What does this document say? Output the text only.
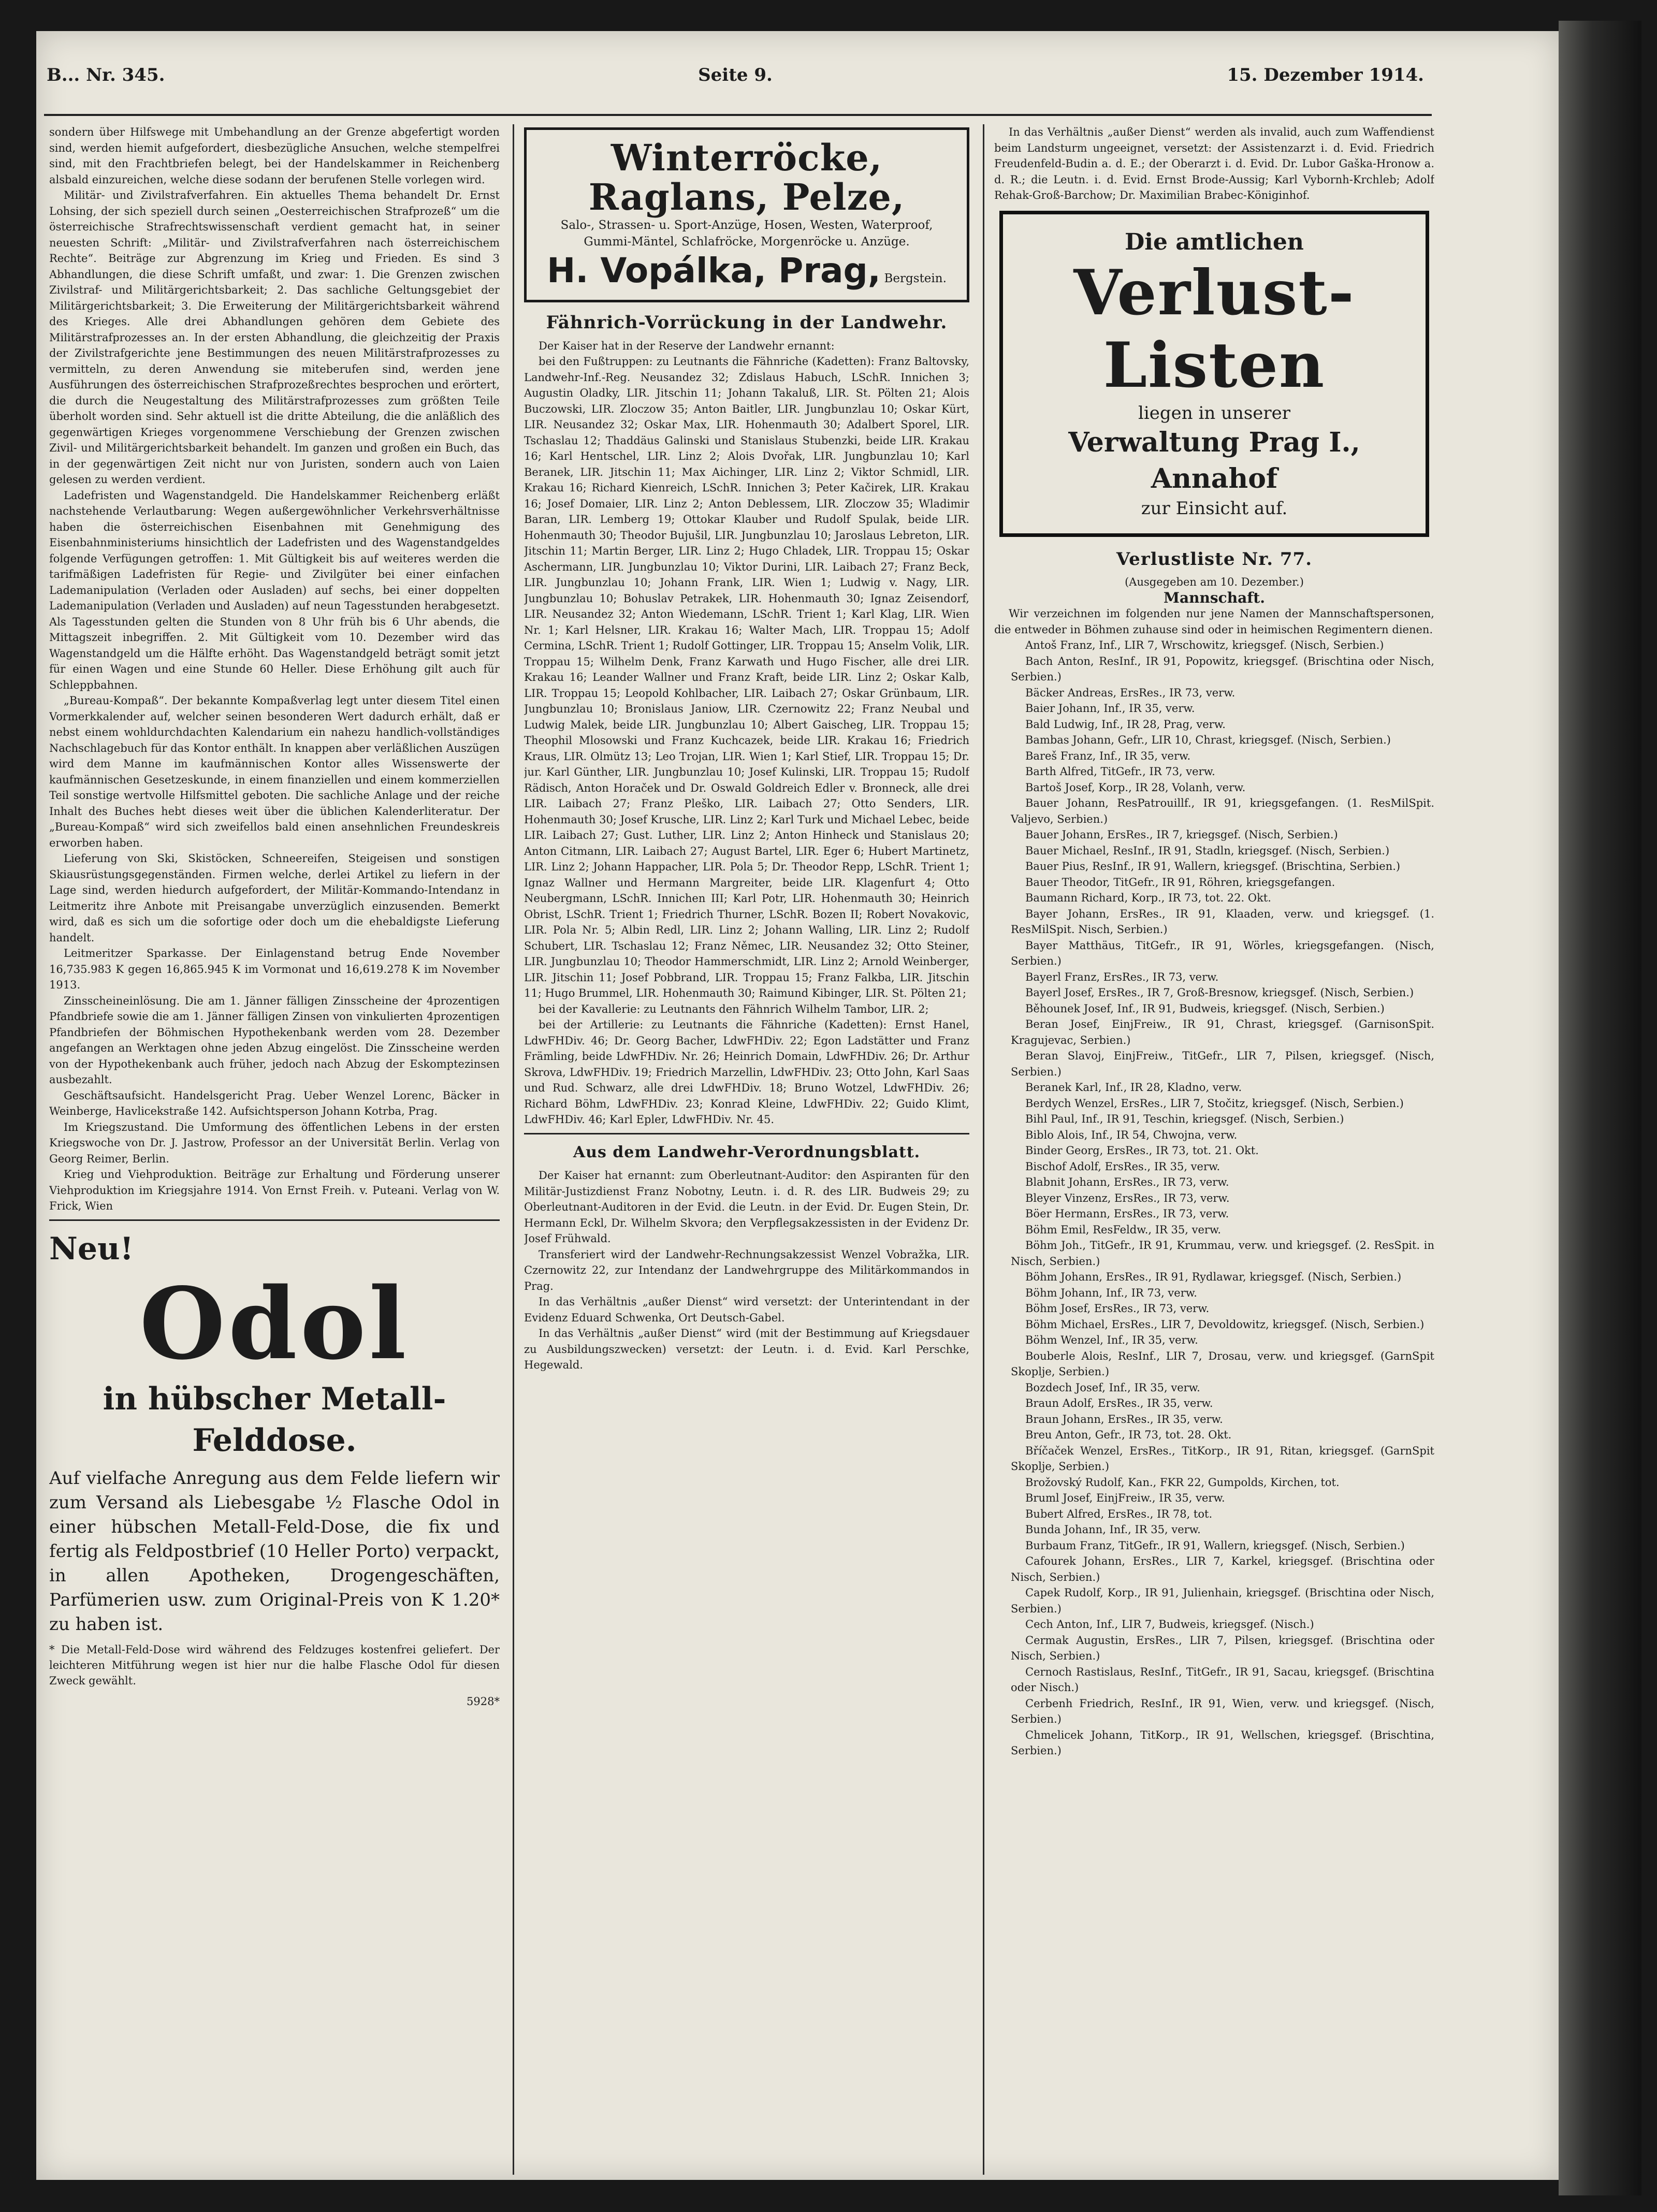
B... Nr. 345.	Seite 9.	15. Dezember 1914.

sondern über Hilfswege mit Umbehandlung an der Grenze abgefertigt worden sind, werden hiemit aufgefordert, diesbezügliche Ansuchen, welche stempelfrei sind, mit den Frachtbriefen belegt, bei der Handelskammer in Reichenberg alsbald einzureichen, welche diese sodann der berufenen Stelle vorlegen wird.

Militär- und Zivilstrafverfahren. Ein aktuelles Thema behandelt Dr. Ernst Lohsing, der sich speziell durch seinen „Oesterreichischen Strafprozeß“ um die österreichische Strafrechtswissenschaft verdient gemacht hat, in seiner neuesten Schrift: „Militär- und Zivilstrafverfahren nach österreichischem Rechte“. Beiträge zur Abgrenzung im Krieg und Frieden. Es sind 3 Abhandlungen, die diese Schrift umfaßt, und zwar: 1. Die Grenzen zwischen Zivilstraf- und Militärgerichtsbarkeit; 2. Das sachliche Geltungsgebiet der Militärgerichtsbarkeit; 3. Die Erweiterung der Militärgerichtsbarkeit während des Krieges. Alle drei Abhandlungen gehören dem Gebiete des Militärstrafprozesses an. In der ersten Abhandlung, die gleichzeitig der Praxis der Zivilstrafgerichte jene Bestimmungen des neuen Militärstrafprozesses zu vermitteln, zu deren Anwendung sie miteberufen sind, werden jene Ausführungen des österreichischen Strafprozeßrechtes besprochen und erörtert, die durch die Neugestaltung des Militärstrafprozesses zum größten Teile überholt worden sind. Sehr aktuell ist die dritte Abteilung, die die anläßlich des gegenwärtigen Krieges vorgenommene Verschiebung der Grenzen zwischen Zivil- und Militärgerichtsbarkeit behandelt. Im ganzen und großen ein Buch, das in der gegenwärtigen Zeit nicht nur von Juristen, sondern auch von Laien gelesen zu werden verdient.

Ladefristen und Wagenstandgeld. Die Handelskammer Reichenberg erläßt nachstehende Verlautbarung: Wegen außergewöhnlicher Verkehrsverhältnisse haben die österreichischen Eisenbahnen mit Genehmigung des Eisenbahnministeriums hinsichtlich der Ladefristen und des Wagenstandgeldes folgende Verfügungen getroffen: 1. Mit Gültigkeit bis auf weiteres werden die tarifmäßigen Ladefristen für Regie- und Zivilgüter bei einer einfachen Lademanipulation (Verladen oder Ausladen) auf sechs, bei einer doppelten Lademanipulation (Verladen und Ausladen) auf neun Tagesstunden herabgesetzt. Als Tagesstunden gelten die Stunden von 8 Uhr früh bis 6 Uhr abends, die Mittagszeit inbegriffen. 2. Mit Gültigkeit vom 10. Dezember wird das Wagenstandgeld um die Hälfte erhöht. Das Wagenstandgeld beträgt somit jetzt für einen Wagen und eine Stunde 60 Heller. Diese Erhöhung gilt auch für Schleppbahnen.

„Bureau-Kompaß“. Der bekannte Kompaßverlag legt unter diesem Titel einen Vormerkkalender auf, welcher seinen besonderen Wert dadurch erhält, daß er nebst einem wohldurchdachten Kalendarium ein nahezu handlich-vollständiges Nachschlagebuch für das Kontor enthält. In knappen aber verläßlichen Auszügen wird dem Manne im kaufmännischen Kontor alles Wissenswerte der kaufmännischen Gesetzeskunde, in einem finanziellen und einem kommerziellen Teil sonstige wertvolle Hilfsmittel geboten. Die sachliche Anlage und der reiche Inhalt des Buches hebt dieses weit über die üblichen Kalenderliteratur. Der „Bureau-Kompaß“ wird sich zweifellos bald einen ansehnlichen Freundeskreis erworben haben.

Lieferung von Ski, Skistöcken, Schneereifen, Steigeisen und sonstigen Skiausrüstungsgegenständen. Firmen welche, derlei Artikel zu liefern in der Lage sind, werden hiedurch aufgefordert, der Militär-Kommando-Intendanz in Leitmeritz ihre Anbote mit Preisangabe unverzüglich einzusenden. Bemerkt wird, daß es sich um die sofortige oder doch um die ehebaldigste Lieferung handelt.

Leitmeritzer Sparkasse. Der Einlagenstand betrug Ende November 16,735.983 K gegen 16,865.945 K im Vormonat und 16,619.278 K im November 1913.

Zinsscheineinlösung. Die am 1. Jänner fälligen Zinsscheine der 4prozentigen Pfandbriefe sowie die am 1. Jänner fälligen Zinsen von vinkulierten 4prozentigen Pfandbriefen der Böhmischen Hypothekenbank werden vom 28. Dezember angefangen an Werktagen ohne jeden Abzug eingelöst. Die Zinsscheine werden von der Hypothekenbank auch früher, jedoch nach Abzug der Eskomptezinsen ausbezahlt.

Geschäftsaufsicht. Handelsgericht Prag. Ueber Wenzel Lorenc, Bäcker in Weinberge, Havlicekstraße 142. Aufsichtsperson Johann Kotrba, Prag.

Im Kriegszustand. Die Umformung des öffentlichen Lebens in der ersten Kriegswoche von Dr. J. Jastrow, Professor an der Universität Berlin. Verlag von Georg Reimer, Berlin.

Krieg und Viehproduktion. Beiträge zur Erhaltung und Förderung unserer Viehproduktion im Kriegsjahre 1914. Von Ernst Freih. v. Puteani. Verlag von W. Frick, Wien

Neu!
Odol
in hübscher Metall-Felddose.
Auf vielfache Anregung aus dem Felde liefern wir zum Versand als Liebesgabe ½ Flasche Odol in einer hübschen Metall-Feld-Dose, die fix und fertig als Feldpostbrief (10 Heller Porto) verpackt, in allen Apotheken, Drogengeschäften, Parfümerien usw. zum Original-Preis von K 1.20* zu haben ist.
* Die Metall-Feld-Dose wird während des Feldzuges kostenfrei geliefert. Der leichteren Mitführung wegen ist hier nur die halbe Flasche Odol für diesen Zweck gewählt.
5928*
Winterröcke, Raglans, Pelze,
Salo-, Strassen- u. Sport-Anzüge, Hosen, Westen, Waterproof, Gummi-Mäntel, Schlafröcke, Morgenröcke u. Anzüge.
H. Vopálka, Prag, Bergstein.
Fähnrich-Vorrückung in der Landwehr.

Der Kaiser hat in der Reserve der Landwehr ernannt:

bei den Fußtruppen: zu Leutnants die Fähnriche (Kadetten): Franz Baltovsky, Landwehr-Inf.-Reg. Neusandez 32; Zdislaus Habuch, LSchR. Innichen 3; Augustin Oladky, LIR. Jitschin 11; Johann Takaluß, LIR. St. Pölten 21; Alois Buczowski, LIR. Zloczow 35; Anton Baitler, LIR. Jungbunzlau 10; Oskar Kürt, LIR. Neusandez 32; Oskar Max, LIR. Hohenmauth 30; Adalbert Sporel, LIR. Tschaslau 12; Thaddäus Galinski und Stanislaus Stubenzki, beide LIR. Krakau 16; Karl Hentschel, LIR. Linz 2; Alois Dvořak, LIR. Jungbunzlau 10; Karl Beranek, LIR. Jitschin 11; Max Aichinger, LIR. Linz 2; Viktor Schmidl, LIR. Krakau 16; Richard Kienreich, LSchR. Innichen 3; Peter Kačirek, LIR. Krakau 16; Josef Domaier, LIR. Linz 2; Anton Deblessem, LIR. Zloczow 35; Wladimir Baran, LIR. Lemberg 19; Ottokar Klauber und Rudolf Spulak, beide LIR. Hohenmauth 30; Theodor Bujušil, LIR. Jungbunzlau 10; Jaroslaus Lebreton, LIR. Jitschin 11; Martin Berger, LIR. Linz 2; Hugo Chladek, LIR. Troppau 15; Oskar Aschermann, LIR. Jungbunzlau 10; Viktor Durini, LIR. Laibach 27; Franz Beck, LIR. Jungbunzlau 10; Johann Frank, LIR. Wien 1; Ludwig v. Nagy, LIR. Jungbunzlau 10; Bohuslav Petrakek, LIR. Hohenmauth 30; Ignaz Zeisendorf, LIR. Neusandez 32; Anton Wiedemann, LSchR. Trient 1; Karl Klag, LIR. Wien Nr. 1; Karl Helsner, LIR. Krakau 16; Walter Mach, LIR. Troppau 15; Adolf Cermina, LSchR. Trient 1; Rudolf Gottinger, LIR. Troppau 15; Anselm Volik, LIR. Troppau 15; Wilhelm Denk, Franz Karwath und Hugo Fischer, alle drei LIR. Krakau 16; Leander Wallner und Franz Kraft, beide LIR. Linz 2; Oskar Kalb, LIR. Troppau 15; Leopold Kohlbacher, LIR. Laibach 27; Oskar Grünbaum, LIR. Jungbunzlau 10; Bronislaus Janiow, LIR. Czernowitz 22; Franz Neubal und Ludwig Malek, beide LIR. Jungbunzlau 10; Albert Gaischeg, LIR. Troppau 15; Theophil Mlosowski und Franz Kuchcazek, beide LIR. Krakau 16; Friedrich Kraus, LIR. Olmütz 13; Leo Trojan, LIR. Wien 1; Karl Stief, LIR. Troppau 15; Dr. jur. Karl Günther, LIR. Jungbunzlau 10; Josef Kulinski, LIR. Troppau 15; Rudolf Rädisch, Anton Horaček und Dr. Oswald Goldreich Edler v. Bronneck, alle drei LIR. Laibach 27; Franz Pleško, LIR. Laibach 27; Otto Senders, LIR. Hohenmauth 30; Josef Krusche, LIR. Linz 2; Karl Turk und Michael Lebec, beide LIR. Laibach 27; Gust. Luther, LIR. Linz 2; Anton Hinheck und Stanislaus 20; Anton Citmann, LIR. Laibach 27; August Bartel, LIR. Eger 6; Hubert Martinetz, LIR. Linz 2; Johann Happacher, LIR. Pola 5; Dr. Theodor Repp, LSchR. Trient 1; Ignaz Wallner und Hermann Margreiter, beide LIR. Klagenfurt 4; Otto Neubergmann, LSchR. Innichen III; Karl Potr, LIR. Hohenmauth 30; Heinrich Obrist, LSchR. Trient 1; Friedrich Thurner, LSchR. Bozen II; Robert Novakovic, LIR. Pola Nr. 5; Albin Redl, LIR. Linz 2; Johann Walling, LIR. Linz 2; Rudolf Schubert, LIR. Tschaslau 12; Franz Němec, LIR. Neusandez 32; Otto Steiner, LIR. Jungbunzlau 10; Theodor Hammerschmidt, LIR. Linz 2; Arnold Weinberger, LIR. Jitschin 11; Josef Pobbrand, LIR. Troppau 15; Franz Falkba, LIR. Jitschin 11; Hugo Brummel, LIR. Hohenmauth 30; Raimund Kibinger, LIR. St. Pölten 21;

bei der Kavallerie: zu Leutnants den Fähnrich Wilhelm Tambor, LIR. 2;

bei der Artillerie: zu Leutnants die Fähnriche (Kadetten): Ernst Hanel, LdwFHDiv. 46; Dr. Georg Bacher, LdwFHDiv. 22; Egon Ladstätter und Franz Främling, beide LdwFHDiv. Nr. 26; Heinrich Domain, LdwFHDiv. 26; Dr. Arthur Skrova, LdwFHDiv. 19; Friedrich Marzellin, LdwFHDiv. 23; Otto John, Karl Saas und Rud. Schwarz, alle drei LdwFHDiv. 18; Bruno Wotzel, LdwFHDiv. 26; Richard Böhm, LdwFHDiv. 23; Konrad Kleine, LdwFHDiv. 22; Guido Klimt, LdwFHDiv. 46; Karl Epler, LdwFHDiv. Nr. 45.

Aus dem Landwehr-Verordnungsblatt.

Der Kaiser hat ernannt: zum Oberleutnant-Auditor: den Aspiranten für den Militär-Justizdienst Franz Nobotny, Leutn. i. d. R. des LIR. Budweis 29; zu Oberleutnant-Auditoren in der Evid. die Leutn. in der Evid. Dr. Eugen Stein, Dr. Hermann Eckl, Dr. Wilhelm Skvora; den Verpflegsakzessisten in der Evidenz Dr. Josef Frühwald.

Transferiert wird der Landwehr-Rechnungsakzessist Wenzel Vobražka, LIR. Czernowitz 22, zur Intendanz der Landwehrgruppe des Militärkommandos in Prag.

In das Verhältnis „außer Dienst“ wird versetzt: der Unterintendant in der Evidenz Eduard Schwenka, Ort Deutsch-Gabel.

In das Verhältnis „außer Dienst“ wird (mit der Bestimmung auf Kriegsdauer zu Ausbildungszwecken) versetzt: der Leutn. i. d. Evid. Karl Perschke, Hegewald.

In das Verhältnis „außer Dienst“ werden als invalid, auch zum Waffendienst beim Landsturm ungeeignet, versetzt: der Assistenzarzt i. d. Evid. Friedrich Freudenfeld-Budin a. d. E.; der Oberarzt i. d. Evid. Dr. Lubor Gaška-Hronow a. d. R.; die Leutn. i. d. Evid. Ernst Brode-Aussig; Karl Vybornh-Krchleb; Adolf Rehak-Groß-Barchow; Dr. Maximilian Brabec-Königinhof.

Die amtlichen
Verlust-Listen
liegen in unserer
Verwaltung Prag I., Annahof
zur Einsicht auf.
Verlustliste Nr. 77.
(Ausgegeben am 10. Dezember.)
Mannschaft.

Wir verzeichnen im folgenden nur jene Namen der Mannschaftspersonen, die entweder in Böhmen zuhause sind oder in heimischen Regimentern dienen.

Antoš Franz, Inf., LIR 7, Wrschowitz, kriegsgef. (Nisch, Serbien.)

Bach Anton, ResInf., IR 91, Popowitz, kriegsgef. (Brischtina oder Nisch, Serbien.)

Bäcker Andreas, ErsRes., IR 73, verw.

Baier Johann, Inf., IR 35, verw.

Bald Ludwig, Inf., IR 28, Prag, verw.

Bambas Johann, Gefr., LIR 10, Chrast, kriegsgef. (Nisch, Serbien.)

Bareš Franz, Inf., IR 35, verw.

Barth Alfred, TitGefr., IR 73, verw.

Bartoš Josef, Korp., IR 28, Volanh, verw.

Bauer Johann, ResPatrouillf., IR 91, kriegsgefangen. (1. ResMilSpit. Valjevo, Serbien.)

Bauer Johann, ErsRes., IR 7, kriegsgef. (Nisch, Serbien.)

Bauer Michael, ResInf., IR 91, Stadln, kriegsgef. (Nisch, Serbien.)

Bauer Pius, ResInf., IR 91, Wallern, kriegsgef. (Brischtina, Serbien.)

Bauer Theodor, TitGefr., IR 91, Röhren, kriegsgefangen.

Baumann Richard, Korp., IR 73, tot. 22. Okt.

Bayer Johann, ErsRes., IR 91, Klaaden, verw. und kriegsgef. (1. ResMilSpit. Nisch, Serbien.)

Bayer Matthäus, TitGefr., IR 91, Wörles, kriegsgefangen. (Nisch, Serbien.)

Bayerl Franz, ErsRes., IR 73, verw.

Bayerl Josef, ErsRes., IR 7, Groß-Bresnow, kriegsgef. (Nisch, Serbien.)

Běhounek Josef, Inf., IR 91, Budweis, kriegsgef. (Nisch, Serbien.)

Beran Josef, EinjFreiw., IR 91, Chrast, kriegsgef. (GarnisonSpit. Kragujevac, Serbien.)

Beran Slavoj, EinjFreiw., TitGefr., LIR 7, Pilsen, kriegsgef. (Nisch, Serbien.)

Beranek Karl, Inf., IR 28, Kladno, verw.

Berdych Wenzel, ErsRes., LIR 7, Stočitz, kriegsgef. (Nisch, Serbien.)

Bihl Paul, Inf., IR 91, Teschin, kriegsgef. (Nisch, Serbien.)

Biblo Alois, Inf., IR 54, Chwojna, verw.

Binder Georg, ErsRes., IR 73, tot. 21. Okt.

Bischof Adolf, ErsRes., IR 35, verw.

Blabnit Johann, ErsRes., IR 73, verw.

Bleyer Vinzenz, ErsRes., IR 73, verw.

Böer Hermann, ErsRes., IR 73, verw.

Böhm Emil, ResFeldw., IR 35, verw.

Böhm Joh., TitGefr., IR 91, Krummau, verw. und kriegsgef. (2. ResSpit. in Nisch, Serbien.)

Böhm Johann, ErsRes., IR 91, Rydlawar, kriegsgef. (Nisch, Serbien.)

Böhm Johann, Inf., IR 73, verw.

Böhm Josef, ErsRes., IR 73, verw.

Böhm Michael, ErsRes., LIR 7, Devoldowitz, kriegsgef. (Nisch, Serbien.)

Böhm Wenzel, Inf., IR 35, verw.

Bouberle Alois, ResInf., LIR 7, Drosau, verw. und kriegsgef. (GarnSpit Skoplje, Serbien.)

Bozdech Josef, Inf., IR 35, verw.

Braun Adolf, ErsRes., IR 35, verw.

Braun Johann, ErsRes., IR 35, verw.

Breu Anton, Gefr., IR 73, tot. 28. Okt.

Bříčaček Wenzel, ErsRes., TitKorp., IR 91, Ritan, kriegsgef. (GarnSpit Skoplje, Serbien.)

Brožovský Rudolf, Kan., FKR 22, Gumpolds, Kirchen, tot.

Bruml Josef, EinjFreiw., IR 35, verw.

Bubert Alfred, ErsRes., IR 78, tot.

Bunda Johann, Inf., IR 35, verw.

Burbaum Franz, TitGefr., IR 91, Wallern, kriegsgef. (Nisch, Serbien.)

Cafourek Johann, ErsRes., LIR 7, Karkel, kriegsgef. (Brischtina oder Nisch, Serbien.)

Capek Rudolf, Korp., IR 91, Julienhain, kriegsgef. (Brischtina oder Nisch, Serbien.)

Cech Anton, Inf., LIR 7, Budweis, kriegsgef. (Nisch.)

Cermak Augustin, ErsRes., LIR 7, Pilsen, kriegsgef. (Brischtina oder Nisch, Serbien.)

Cernoch Rastislaus, ResInf., TitGefr., IR 91, Sacau, kriegsgef. (Brischtina oder Nisch.)

Cerbenh Friedrich, ResInf., IR 91, Wien, verw. und kriegsgef. (Nisch, Serbien.)

Chmelicek Johann, TitKorp., IR 91, Wellschen, kriegsgef. (Brischtina, Serbien.)
